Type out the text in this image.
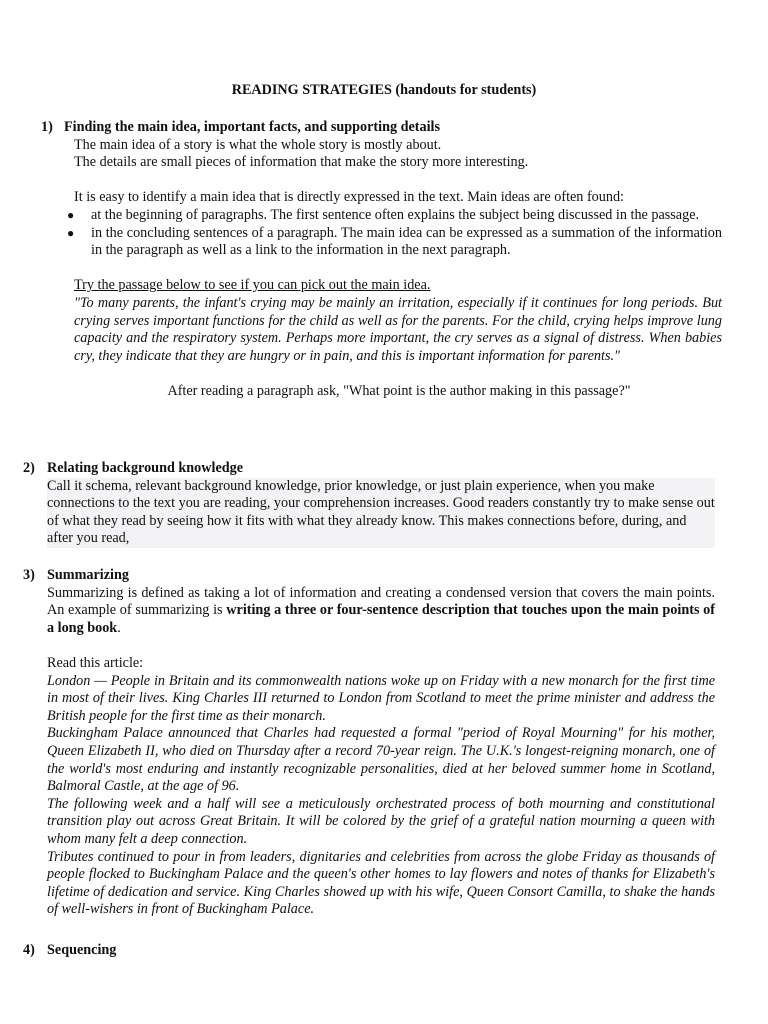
READING STRATEGIES (handouts for students)
1) Finding the main idea, important facts, and supporting details
The main idea of a story is what the whole story is mostly about.
The details are small pieces of information that make the story more interesting.
It is easy to identify a main idea that is directly expressed in the text. Main ideas are often found:
● at the beginning of paragraphs. The first sentence often explains the subject being discussed in the passage.
● in the concluding sentences of a paragraph. The main idea can be expressed as a summation of the information in the paragraph as well as a link to the information in the next paragraph.
Try the passage below to see if you can pick out the main idea.
"To many parents, the infant's crying may be mainly an irritation, especially if it continues for long periods. But crying serves important functions for the child as well as for the parents. For the child, crying helps improve lung capacity and the respiratory system. Perhaps more important, the cry serves as a signal of distress. When babies cry, they indicate that they are hungry or in pain, and this is important information for parents."
After reading a paragraph ask, "What point is the author making in this passage?"
2) Relating background knowledge
Call it schema, relevant background knowledge, prior knowledge, or just plain experience, when you make connections to the text you are reading, your comprehension increases. Good readers constantly try to make sense out of what they read by seeing how it fits with what they already know. This makes connections before, during, and after you read,
3) Summarizing
Summarizing is defined as taking a lot of information and creating a condensed version that covers the main points. An example of summarizing is writing a three or four-sentence description that touches upon the main points of a long book.
Read this article:
London — People in Britain and its commonwealth nations woke up on Friday with a new monarch for the first time in most of their lives. King Charles III returned to London from Scotland to meet the prime minister and address the British people for the first time as their monarch.
Buckingham Palace announced that Charles had requested a formal "period of Royal Mourning" for his mother, Queen Elizabeth II, who died on Thursday after a record 70-year reign. The U.K.'s longest-reigning monarch, one of the world's most enduring and instantly recognizable personalities, died at her beloved summer home in Scotland, Balmoral Castle, at the age of 96.
The following week and a half will see a meticulously orchestrated process of both mourning and constitutional transition play out across Great Britain. It will be colored by the grief of a grateful nation mourning a queen with whom many felt a deep connection.
Tributes continued to pour in from leaders, dignitaries and celebrities from across the globe Friday as thousands of people flocked to Buckingham Palace and the queen's other homes to lay flowers and notes of thanks for Elizabeth's lifetime of dedication and service. King Charles showed up with his wife, Queen Consort Camilla, to shake the hands of well-wishers in front of Buckingham Palace.
4) Sequencing
